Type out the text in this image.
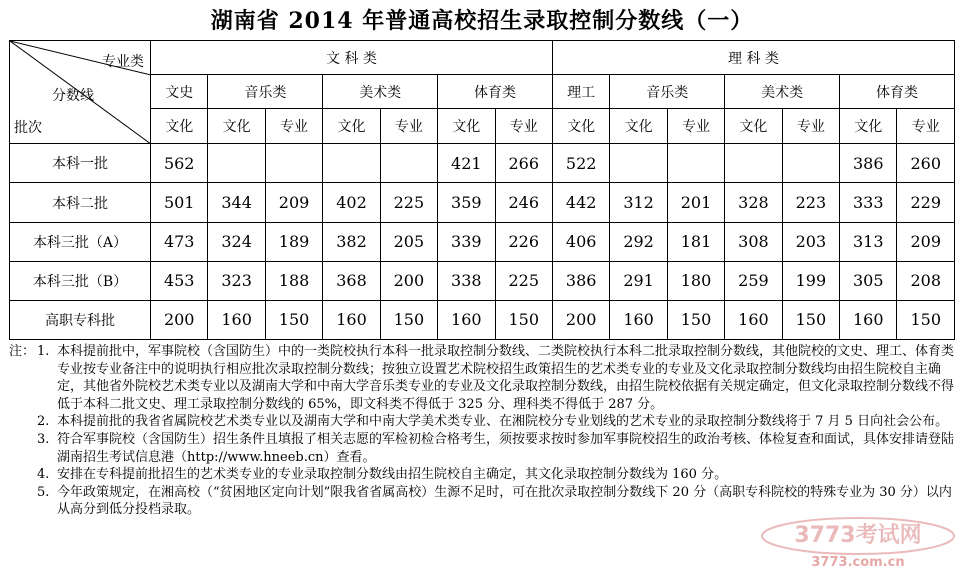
湖南省 2014 年普通高校招生录取控制分数线（一）
专业类
分数线
批次	文 科 类							理 科 类						
	文史	音乐类		美术类		体育类		理工	音乐类		美术类		体育类	
	文化	文化	专业	文化	专业	文化	专业	文化	文化	专业	文化	专业	文化	专业
本科一批	562					421	266	522					386	260
本科二批	501	344	209	402	225	359	246	442	312	201	328	223	333	229
本科三批（A）	473	324	189	382	205	339	226	406	292	181	308	203	313	209
本科三批（B）	453	323	188	368	200	338	225	386	291	180	259	199	305	208
高职专科批	200	160	150	160	150	160	150	200	160	150	160	150	160	150
注： 1. 本科提前批中，军事院校（含国防生）中的一类院校执行本科一批录取控制分数线、二类院校执行本科二批录取控制分数线，其他院校的文史、理工、体育类专业按专业备注中的说明执行相应批次录取控制分数线；按独立设置艺术院校招生政策招生的艺术类专业的专业及文化录取控制分数线均由招生院校自主确定，其他省外院校艺术类专业以及湖南大学和中南大学音乐类专业的专业及文化录取控制分数线，由招生院校依据有关规定确定，但文化录取控制分数线不得低于本科二批文史、理工录取控制分数线的 65%，即文科类不得低于 325 分、理科类不得低于 287 分。
2. 本科提前批的我省省属院校艺术类专业以及湖南大学和中南大学美术类专业、在湘院校分专业划线的艺术专业的录取控制分数线将于 7 月 5 日向社会公布。
3. 符合军事院校（含国防生）招生条件且填报了相关志愿的军检初检合格考生，须按要求按时参加军事院校招生的政治考核、体检复查和面试，具体安排请登陆湖南招生考试信息港（http://www.hneeb.cn）查看。
4. 安排在专科提前批招生的艺术类专业的专业录取控制分数线由招生院校自主确定，其文化录取控制分数线为 160 分。
5. 今年政策规定，在湘高校（“贫困地区定向计划”限我省省属高校）生源不足时，可在批次录取控制分数线下 20 分（高职专科院校的特殊专业为 30 分）以内从高分到低分投档录取。
3773考试网
3773.com.cn
